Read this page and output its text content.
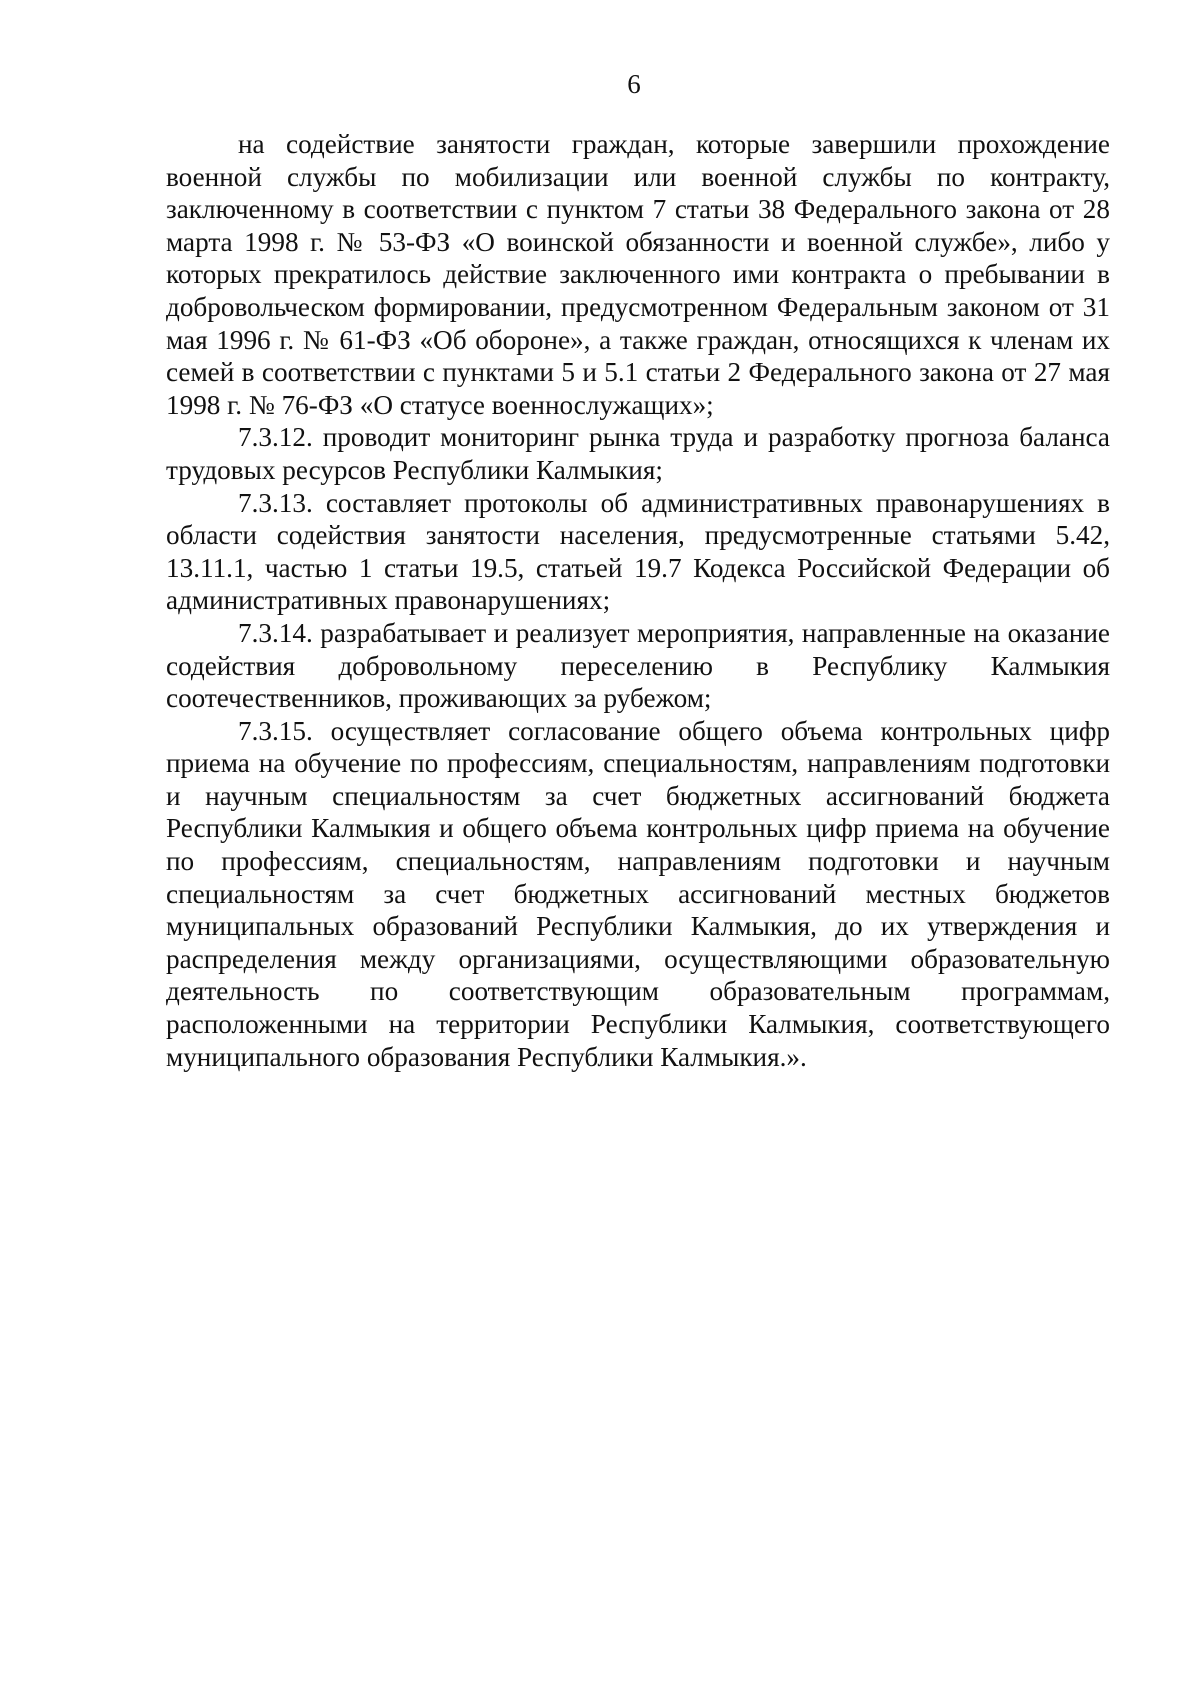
6

на содействие занятости граждан, которые завершили прохождение военной службы по мобилизации или военной службы по контракту, заключенному в соответствии с пунктом 7 статьи 38 Федерального закона от 28 марта 1998 г. № 53-ФЗ «О воинской обязанности и военной службе», либо у которых прекратилось действие заключенного ими контракта о пребывании в добровольческом формировании, предусмотренном Федеральным законом от 31 мая 1996 г. № 61-ФЗ «Об обороне», а также граждан, относящихся к членам их семей в соответствии с пунктами 5 и 5.1 статьи 2 Федерального закона от 27 мая 1998 г. № 76-ФЗ «О статусе военнослужащих»;

7.3.12. проводит мониторинг рынка труда и разработку прогноза баланса трудовых ресурсов Республики Калмыкия;

7.3.13. составляет протоколы об административных правонарушениях в области содействия занятости населения, предусмотренные статьями 5.42, 13.11.1, частью 1 статьи 19.5, статьей 19.7 Кодекса Российской Федерации об административных правонарушениях;

7.3.14. разрабатывает и реализует мероприятия, направленные на оказание содействия добровольному переселению в Республику Калмыкия соотечественников, проживающих за рубежом;

7.3.15. осуществляет согласование общего объема контрольных цифр приема на обучение по профессиям, специальностям, направлениям подготовки и научным специальностям за счет бюджетных ассигнований бюджета Республики Калмыкия и общего объема контрольных цифр приема на обучение по профессиям, специальностям, направлениям подготовки и научным специальностям за счет бюджетных ассигнований местных бюджетов муниципальных образований Республики Калмыкия, до их утверждения и распределения между организациями, осуществляющими образовательную деятельность по соответствующим образовательным программам, расположенными на территории Республики Калмыкия, соответствующего муниципального образования Республики Калмыкия.».
